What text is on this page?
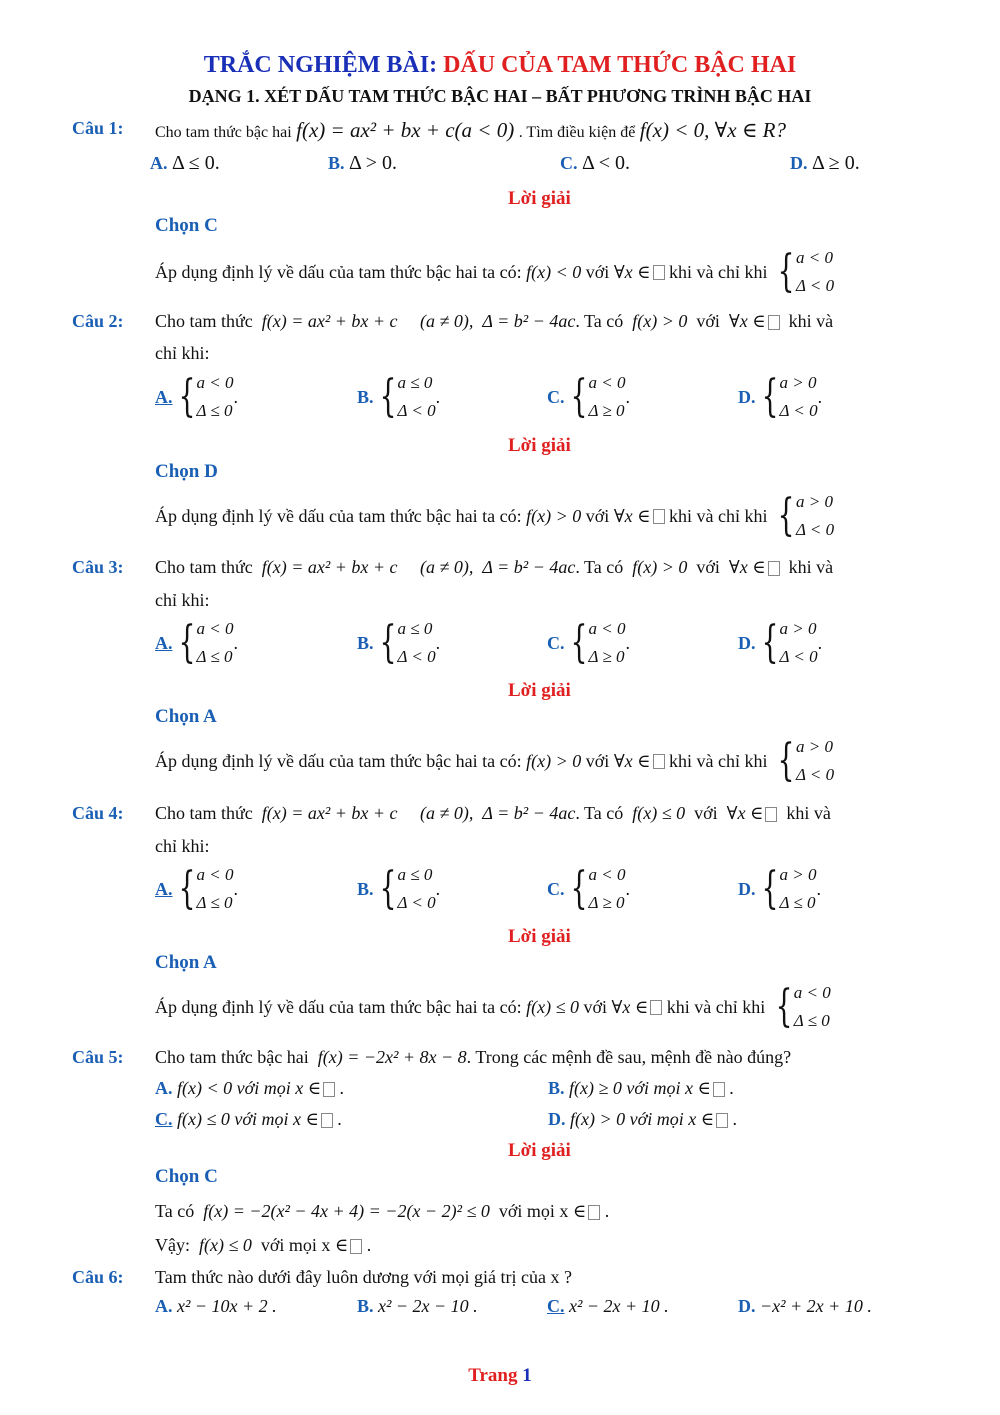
TRẮC NGHIỆM BÀI: DẤU CỦA TAM THỨC BẬC HAI
DẠNG 1. XÉT DẤU TAM THỨC BẬC HAI – BẤT PHƯƠNG TRÌNH BẬC HAI
Câu 1: Cho tam thức bậc hai f(x) = ax² + bx + c(a < 0) . Tìm điều kiện để f(x) < 0, ∀x ∈ R?
A. Δ ≤ 0.	B. Δ > 0.	C. Δ < 0.	D. Δ ≥ 0.
Lời giải
Chọn C
Áp dụng định lý về dấu của tam thức bậc hai ta có:
f(x) < 0
với
∀x ∈
khi và chỉ khi
{ a < 0
Δ < 0
Câu 2: Cho tam thức f(x) = ax² + bx + c (a ≠ 0), Δ = b² − 4ac. Ta có f(x) > 0 với ∀x ∈ khi và
chỉ khi:
A. { a < 0
Δ ≤ 0
.	B. { a ≤ 0
Δ < 0
.	C. { a < 0
Δ ≥ 0
.	D. { a > 0
Δ < 0
.
Lời giải
Chọn D
Áp dụng định lý về dấu của tam thức bậc hai ta có:
f(x) > 0
với
∀x ∈
khi và chỉ khi
{ a > 0
Δ < 0
Câu 3: Cho tam thức f(x) = ax² + bx + c (a ≠ 0), Δ = b² − 4ac. Ta có f(x) > 0 với ∀x ∈ khi và
chỉ khi:
A. { a < 0
Δ ≤ 0
.	B. { a ≤ 0
Δ < 0
.	C. { a < 0
Δ ≥ 0
.	D. { a > 0
Δ < 0
.
Lời giải
Chọn A
Áp dụng định lý về dấu của tam thức bậc hai ta có:
f(x) > 0
với
∀x ∈
khi và chỉ khi
{ a > 0
Δ < 0
Câu 4: Cho tam thức f(x) = ax² + bx + c (a ≠ 0), Δ = b² − 4ac. Ta có f(x) ≤ 0 với ∀x ∈ khi và
chỉ khi:
A. { a < 0
Δ ≤ 0
.	B. { a ≤ 0
Δ < 0
.	C. { a < 0
Δ ≥ 0
.	D. { a > 0
Δ ≤ 0
.
Lời giải
Chọn A
Áp dụng định lý về dấu của tam thức bậc hai ta có:
f(x) ≤ 0
với
∀x ∈
khi và chỉ khi
{ a < 0
Δ ≤ 0
Câu 5: Cho tam thức bậc hai f(x) = −2x² + 8x − 8. Trong các mệnh đề sau, mệnh đề nào đúng?
A. f(x) < 0 với mọi x ∈ .	B. f(x) ≥ 0 với mọi x ∈ .
C. f(x) ≤ 0 với mọi x ∈ .	D. f(x) > 0 với mọi x ∈ .
Lời giải
Chọn C
Ta có f(x) = −2(x² − 4x + 4) = −2(x − 2)² ≤ 0 với mọi x ∈ .
Vậy: f(x) ≤ 0 với mọi x ∈ .
Câu 6: Tam thức nào dưới đây luôn dương với mọi giá trị của x ?
A. x² − 10x + 2 .	B. x² − 2x − 10 .	C. x² − 2x + 10 .	D. −x² + 2x + 10 .
Trang 1
